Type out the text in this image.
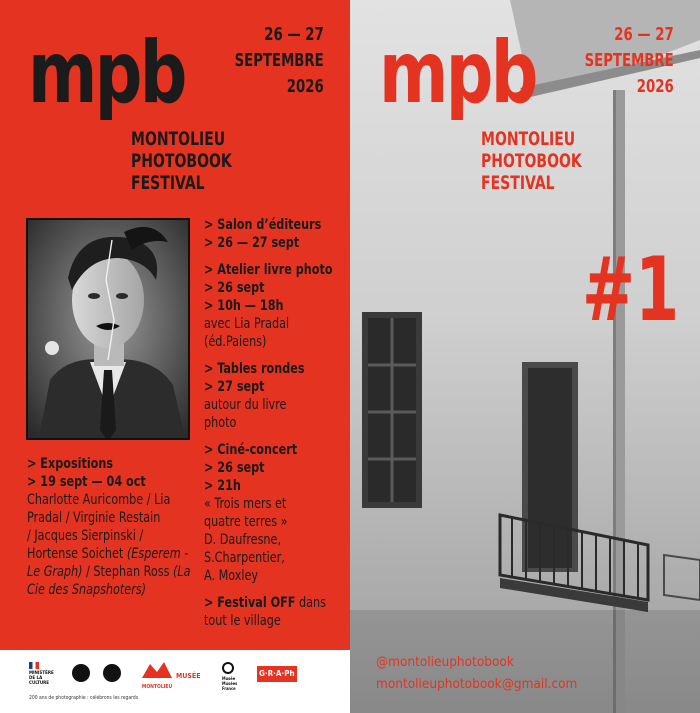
mpb
MONTOLIEU
PHOTOBOOK
FESTIVAL
26 — 27
SEPTEMBRE
2026
> Salon d’éditeurs
> 26 — 27 sept
> Atelier livre photo
> 26 sept
> 10h — 18h
avec Lia Pradal
(éd.Paiens)
> Tables rondes
> 27 sept
autour du livre
photo
> Ciné-concert
> 26 sept
> 21h
« Trois mers et
quatre terres »
D. Daufresne,
S.Charpentier,
A. Moxley

> Festival OFF dans

tout le village
> Expositions
> 19 sept — 04 oct
Charlotte Auricombe / Lia
Pradal / Virginie Restain
/ Jacques Sierpinski /

Hortense Soichet (Esperem -

Le Graph) / Stephan Ross (La

Cie des Snapshoters)
mpb
MONTOLIEU
PHOTOBOOK
FESTIVAL
26 — 27
SEPTEMBRE
2026
#1
@montolieuphotobook
montolieuphotobook@gmail.com
MINISTÈRE DE LA CULTURE
MONTOLIEU
MUSÉE	Musée Musées France
G·R·A·Ph CMI
200 ans de photographie : célébrons les regards
